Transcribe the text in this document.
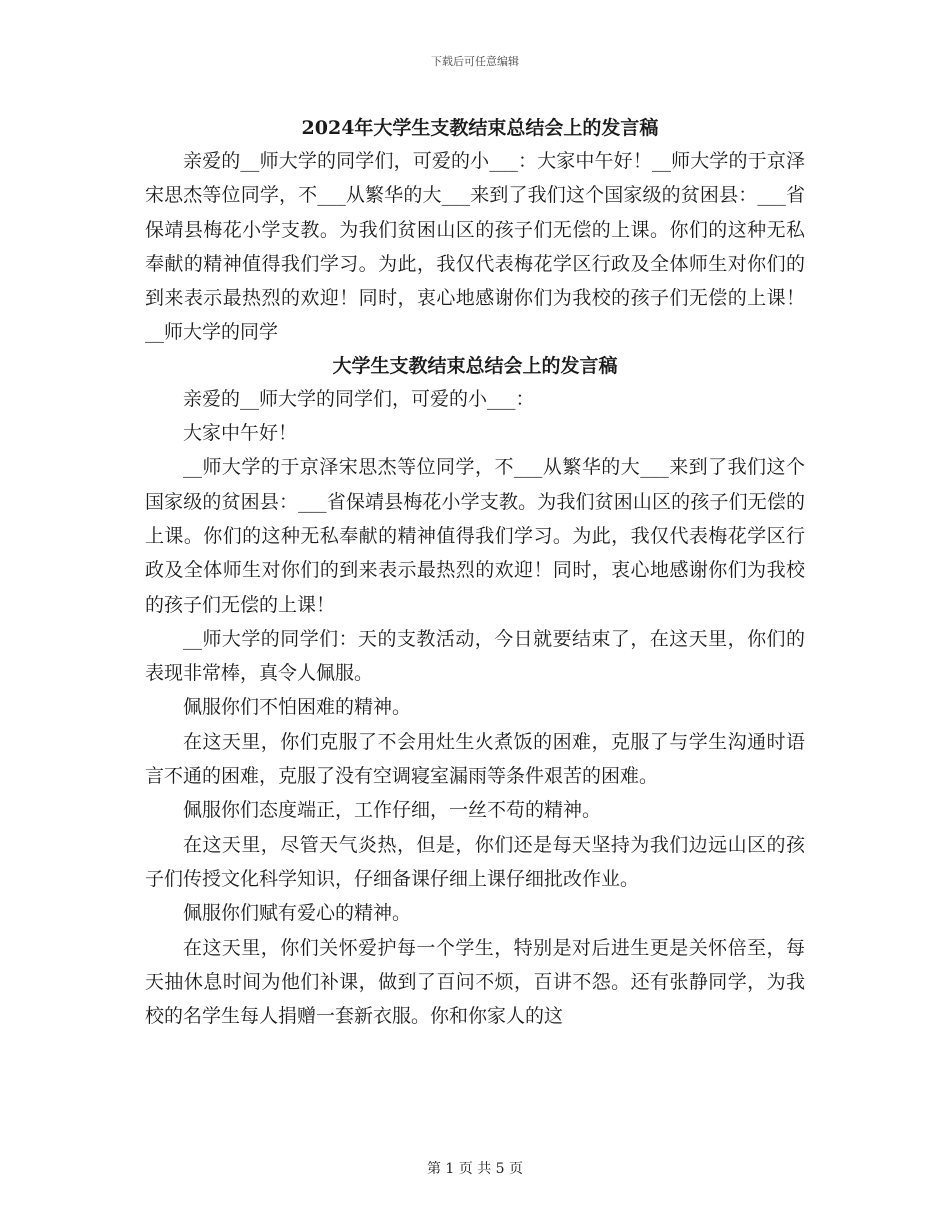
下载后可任意编辑
2024年大学生支教结束总结会上的发言稿

亲爱的__师大学的同学们，可爱的小___：大家中午好！__师大学的于京泽宋思杰等位同学，不___从繁华的大___来到了我们这个国家级的贫困县：___省保靖县梅花小学支教。为我们贫困山区的孩子们无偿的上课。你们的这种无私奉献的精神值得我们学习。为此，我仅代表梅花学区行政及全体师生对你们的到来表示最热烈的欢迎！同时，衷心地感谢你们为我校的孩子们无偿的上课！__师大学的同学

大学生支教结束总结会上的发言稿

亲爱的__师大学的同学们，可爱的小___：

大家中午好！

__师大学的于京泽宋思杰等位同学，不___从繁华的大___来到了我们这个国家级的贫困县：___省保靖县梅花小学支教。为我们贫困山区的孩子们无偿的上课。你们的这种无私奉献的精神值得我们学习。为此，我仅代表梅花学区行政及全体师生对你们的到来表示最热烈的欢迎！同时，衷心地感谢你们为我校的孩子们无偿的上课！

__师大学的同学们：天的支教活动，今日就要结束了，在这天里，你们的表现非常棒，真令人佩服。

佩服你们不怕困难的精神。

在这天里，你们克服了不会用灶生火煮饭的困难，克服了与学生沟通时语言不通的困难，克服了没有空调寝室漏雨等条件艰苦的困难。

佩服你们态度端正，工作仔细，一丝不苟的精神。

在这天里，尽管天气炎热，但是，你们还是每天坚持为我们边远山区的孩子们传授文化科学知识，仔细备课仔细上课仔细批改作业。

佩服你们赋有爱心的精神。

在这天里，你们关怀爱护每一个学生，特别是对后进生更是关怀倍至，每天抽休息时间为他们补课，做到了百问不烦，百讲不怨。还有张静同学，为我校的名学生每人捐赠一套新衣服。你和你家人的这

第 1 页 共 5 页
